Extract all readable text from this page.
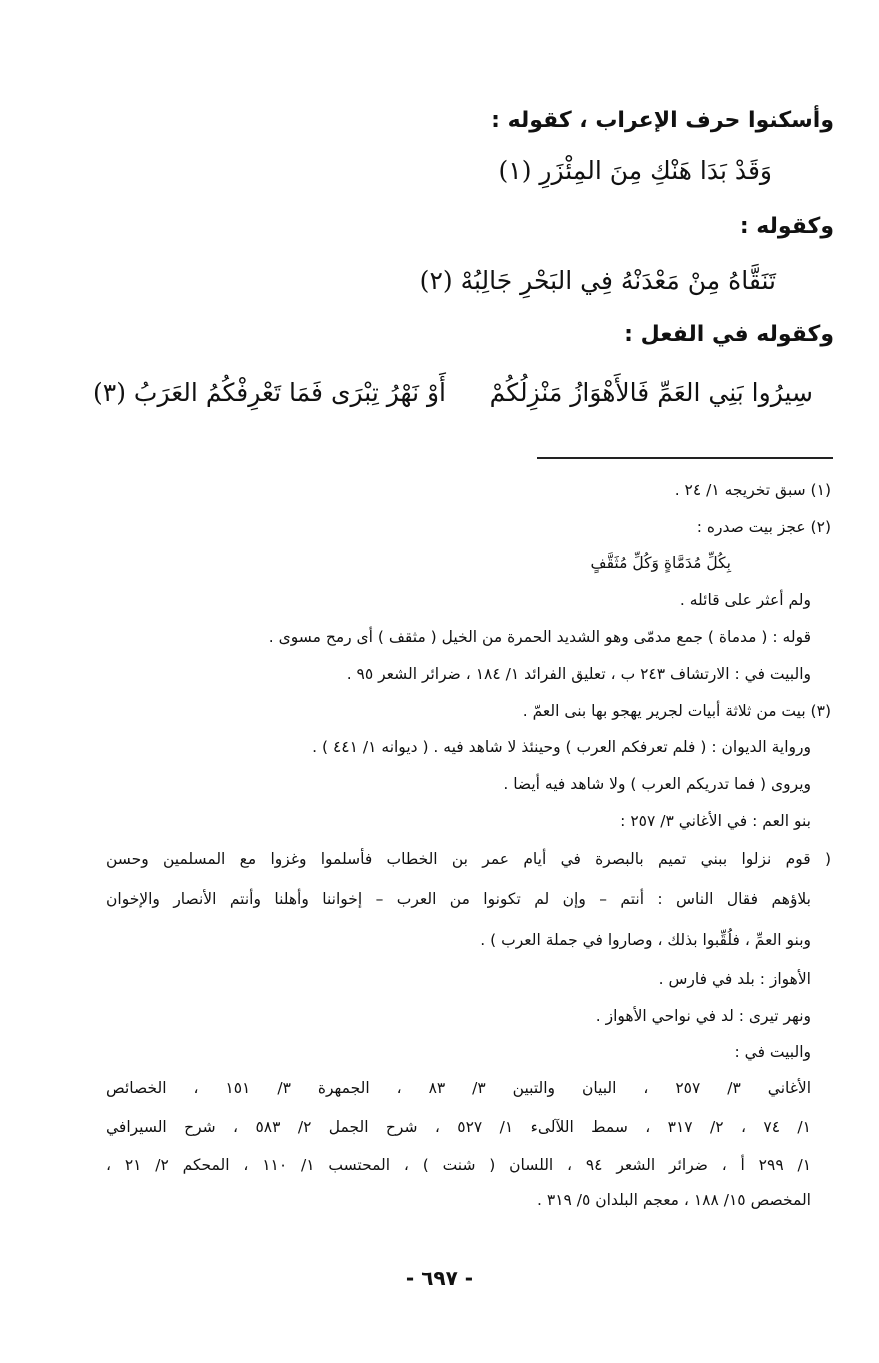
وأسكنوا حرف الإعراب ، كقوله :
وَقَدْ بَدَا هَنْكِ مِنَ المِئْزَرِ (١)
وكقوله :
تَنَقَّاهُ مِنْ مَعْدَنْهُ فِي البَحْرِ جَالِبُهْ (٢)
وكقوله في الفعل :
سِيرُوا بَنِي العَمِّ فَالأَهْوَازُ مَنْزِلُكُمْ
أَوْ نَهْرُ تِبْرَى فَمَا تَعْرِفْكُمُ العَرَبُ (٣)
(١) سبق تخريجه ١/ ٢٤ .
(٢) عجز بيت صدره :
بِكُلِّ مُدَمَّاةٍ وَكُلِّ مُثَقَّفٍ
ولم أعثر على قائله .
قوله : ( مدماة ) جمع مدمّى وهو الشديد الحمرة من الخيل ( مثقف ) أى رمح مسوى .
والبيت في : الارتشاف ٢٤٣ ب ، تعليق الفرائد ١/ ١٨٤ ، ضرائر الشعر ٩٥ .
(٣) بيت من ثلاثة أبيات لجرير يهجو بها بنى العمّ .
ورواية الديوان : ( فلم تعرفكم العرب ) وحينئذ لا شاهد فيه . ( ديوانه ١/ ٤٤١ ) .
ويروى ( فما تدريكم العرب ) ولا شاهد فيه أيضا .
بنو العم : في الأغاني ٣/ ٢٥٧ :
( قوم نزلوا ببني تميم بالبصرة في أيام عمر بن الخطاب فأسلموا وغزوا مع المسلمين وحسن
بلاؤهم فقال الناس : أنتم – وإن لم تكونوا من العرب – إخواننا وأهلنا وأنتم الأنصار والإخوان
وبنو العمِّ ، فلُقِّبوا بذلك ، وصاروا في جملة العرب ) .
الأهواز : بلد في فارس .
ونهر تيرى : لد في نواحي الأهواز .
والبيت في :
الأغاني ٣/ ٢٥٧ ، البيان والتبين ٣/ ٨٣ ، الجمهرة ٣/ ١٥١ ، الخصائص
١/ ٧٤ ، ٢/ ٣١٧ ، سمط اللآلىء ١/ ٥٢٧ ، شرح الجمل ٢/ ٥٨٣ ، شرح السيرافي
١/ ٢٩٩ أ ، ضرائر الشعر ٩٤ ، اللسان ( شنت ) ، المحتسب ١/ ١١٠ ، المحكم ٢/ ٢١ ،
المخصص ١٥/ ١٨٨ ، معجم البلدان ٥/ ٣١٩ .
- ٦٩٧ -
